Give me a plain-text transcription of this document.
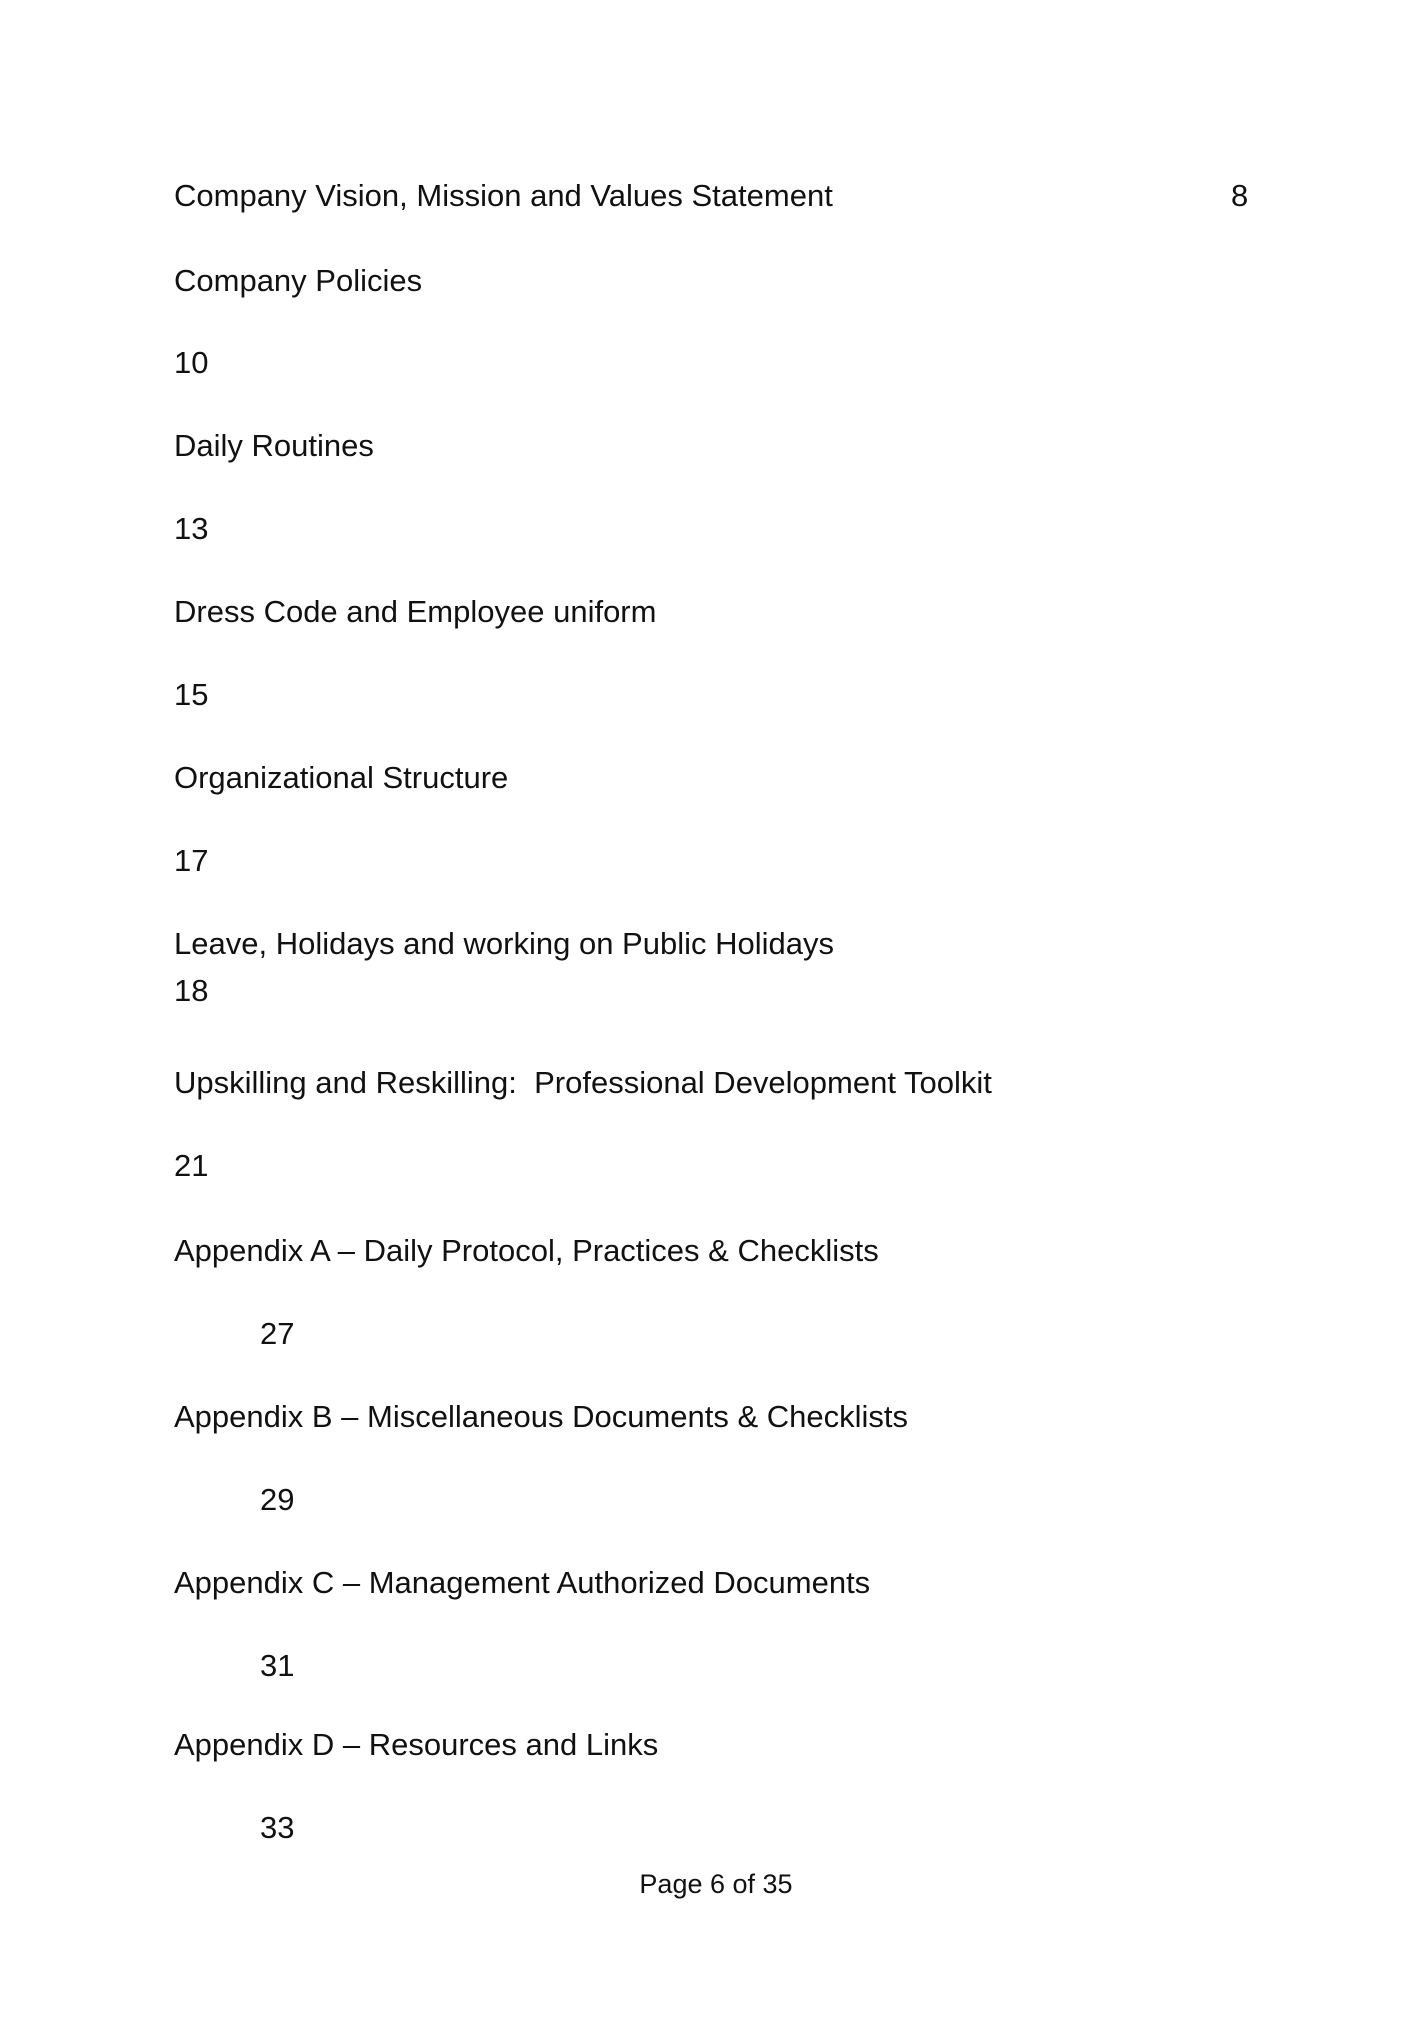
Company Vision, Mission and Values Statement	8
Company Policies
10
Daily Routines
13
Dress Code and Employee uniform
15
Organizational Structure
17
Leave, Holidays and working on Public Holidays
18
Upskilling and Reskilling:  Professional Development Toolkit
21
Appendix A – Daily Protocol, Practices & Checklists
27
Appendix B – Miscellaneous Documents & Checklists
29
Appendix C – Management Authorized Documents
31
Appendix D – Resources and Links
33
Page 6 of 35
